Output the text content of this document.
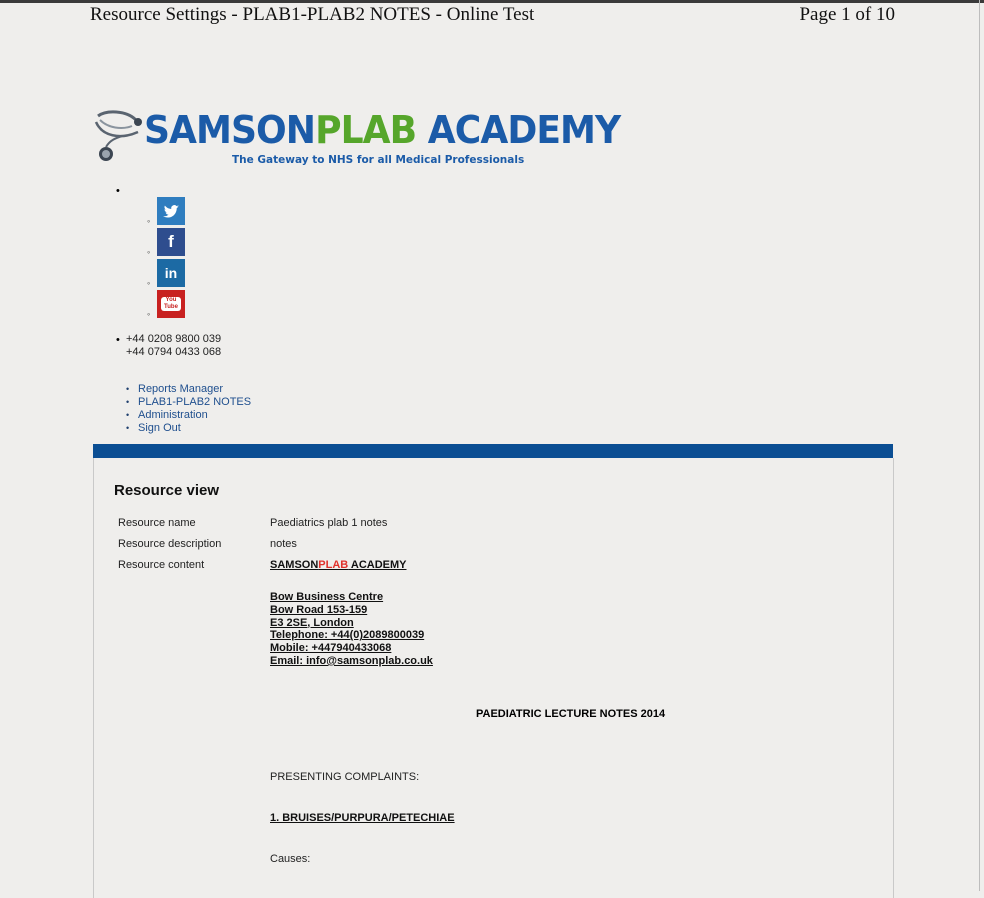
Resource Settings - PLAB1-PLAB2 NOTES - Online Test	Page 1 of 10
SAMSONPLAB ACADEMY
The Gateway to NHS for all Medical Professionals
•
◦
◦
◦
◦
f
in
You Tube
• +44 0208 9800 039
+44 0794 0433 068
• Reports Manager
• PLAB1-PLAB2 NOTES
• Administration
• Sign Out
Resource view
Resource name	Paediatrics plab 1 notes
Resource description	notes
Resource content	SAMSONPLAB ACADEMY
Bow Business Centre
Bow Road 153-159
E3 2SE, London
Telephone: +44(0)2089800039
Mobile: +447940433068
Email: info@samsonplab.co.uk
PAEDIATRIC LECTURE NOTES 2014
PRESENTING COMPLAINTS:
1. BRUISES/PURPURA/PETECHIAE
Causes:
